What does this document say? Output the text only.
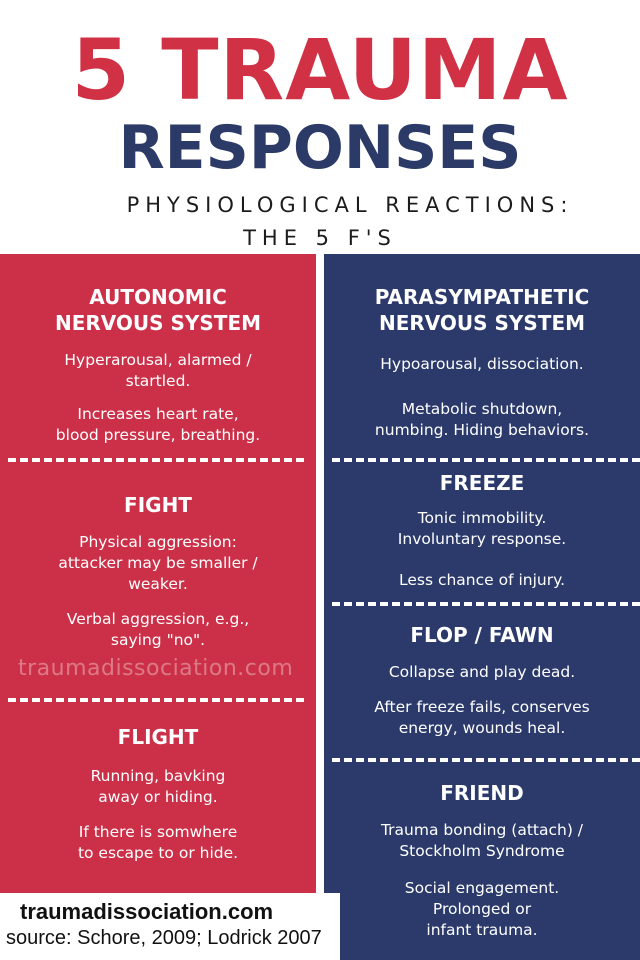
5 TRAUMA
RESPONSES
PHYSIOLOGICAL REACTIONS:
THE 5 F'S

AUTONOMIC

NERVOUS SYSTEM

Hyperarousal, alarmed /

startled.

Increases heart rate,

blood pressure, breathing.

FIGHT

Physical aggression:

attacker may be smaller /

weaker.

Verbal aggression, e.g.,

saying "no".

traumadissociation.com

FLIGHT

Running, bavking

away or hiding.

If there is somwhere

to escape to or hide.

PARASYMPATHETIC

NERVOUS SYSTEM

Hypoarousal, dissociation.

Metabolic shutdown,

numbing. Hiding behaviors.

FREEZE

Tonic immobility.

Involuntary response.

Less chance of injury.

FLOP / FAWN

Collapse and play dead.

After freeze fails, conserves

energy, wounds heal.

FRIEND

Trauma bonding (attach) /

Stockholm Syndrome

Social engagement.

Prolonged or

infant trauma.

traumadissociation.com
source: Schore, 2009; Lodrick 2007
